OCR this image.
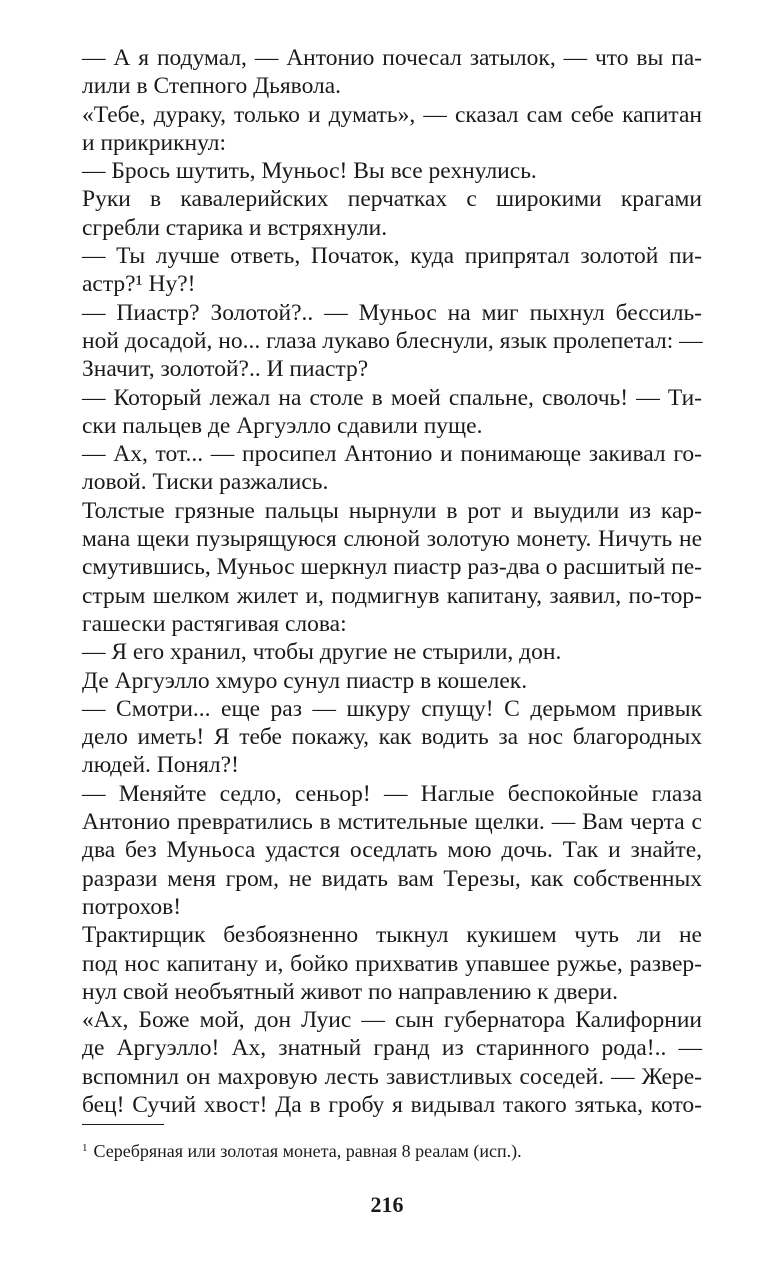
— А я подумал, — Антонио почесал затылок, — что вы па-
лили в Степного Дьявола.
«Тебе, дураку, только и думать», — сказал сам себе капитан
и прикрикнул:
— Брось шутить, Муньос! Вы все рехнулись.
Руки в кавалерийских перчатках с широкими крагами
сгребли старика и встряхнули.
— Ты лучше ответь, Початок, куда припрятал золотой пи-
астр?¹ Ну?!
— Пиастр? Золотой?.. — Муньос на миг пыхнул бессиль-
ной досадой, но... глаза лукаво блеснули, язык пролепетал: —
Значит, золотой?.. И пиастр?
— Который лежал на столе в моей спальне, сволочь! — Ти-
ски пальцев де Аргуэлло сдавили пуще.
— Ах, тот... — просипел Антонио и понимающе закивал го-
ловой. Тиски разжались.
Толстые грязные пальцы нырнули в рот и выудили из кар-
мана щеки пузырящуюся слюной золотую монету. Ничуть не
смутившись, Муньос шеркнул пиастр раз-два о расшитый пе-
стрым шелком жилет и, подмигнув капитану, заявил, по-тор-
гашески растягивая слова:
— Я его хранил, чтобы другие не стырили, дон.
Де Аргуэлло хмуро сунул пиастр в кошелек.
— Смотри... еще раз — шкуру спущу! С дерьмом привык
дело иметь! Я тебе покажу, как водить за нос благородных
людей. Понял?!
— Меняйте седло, сеньор! — Наглые беспокойные глаза
Антонио превратились в мстительные щелки. — Вам черта с
два без Муньоса удастся оседлать мою дочь. Так и знайте,
разрази меня гром, не видать вам Терезы, как собственных
потрохов!
Трактирщик безбоязненно тыкнул кукишем чуть ли не
под нос капитану и, бойко прихватив упавшее ружье, развер-
нул свой необъятный живот по направлению к двери.
«Ах, Боже мой, дон Луис — сын губернатора Калифорнии
де Аргуэлло! Ах, знатный гранд из старинного рода!.. —
вспомнил он махровую лесть завистливых соседей. — Жере-
бец! Сучий хвост! Да в гробу я видывал такого зятька, кото-
$^1$ Серебряная или золотая монета, равная 8 реалам (исп.).
216
